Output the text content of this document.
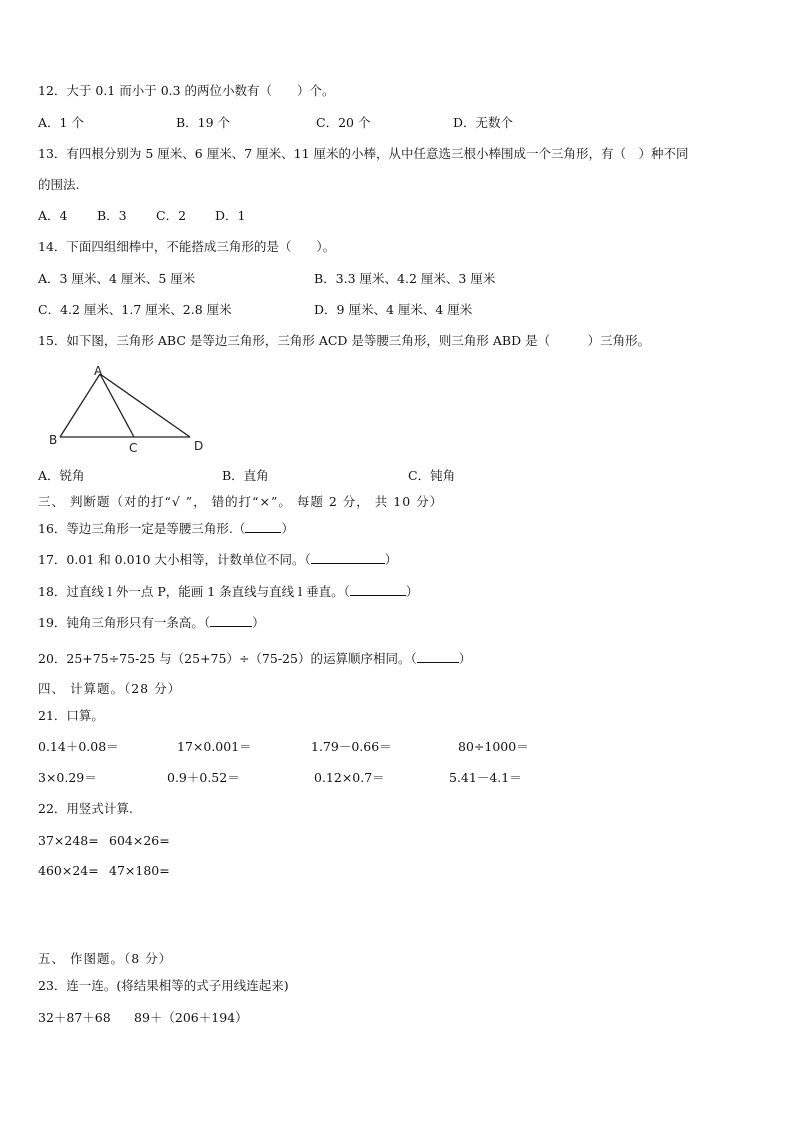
12．大于 0.1 而小于 0.3 的两位小数有（　　）个。
A．1 个	B．19 个	C．20 个	D．无数个
13．有四根分别为 5 厘米、6 厘米、7 厘米、11 厘米的小棒，从中任意选三根小棒围成一个三角形，有（　）种不同
的围法.
A．4 B．3 C．2 D．1
14．下面四组细棒中，不能搭成三角形的是（　　）。
A．3 厘米、4 厘米、5 厘米	B．3.3 厘米、4.2 厘米、3 厘米
C．4.2 厘米、1.7 厘米、2.8 厘米	D．9 厘米、4 厘米、4 厘米
15．如下图，三角形 ABC 是等边三角形，三角形 ACD 是等腰三角形，则三角形 ABD 是（　　　）三角形。
A
B
C	D
A．锐角	B．直角	C．钝角
三、 判断题（对的打“√ ”， 错的打“×”。 每题 2 分， 共 10 分）
16．等边三角形一定是等腰三角形.（	）
17．0.01 和 0.010 大小相等，计数单位不同。（	）
18．过直线 l 外一点 P，能画 1 条直线与直线 l 垂直。（	）
19．钝角三角形只有一条高。（	）
20．25+75÷75-25 与（25+75）÷（75-25）的运算顺序相同。（	）
四、 计算题。（28 分）
21．口算。
0.14＋0.08＝	17×0.001＝	1.79－0.66＝	80÷1000＝
3×0.29＝	0.9＋0.52＝	0.12×0.7＝	5.41－4.1＝
22．用竖式计算.
37×248= 604×26=
460×24= 47×180=
五、 作图题。（8 分）
23．连一连。(将结果相等的式子用线连起来)
32＋87＋68 89＋（206＋194）
